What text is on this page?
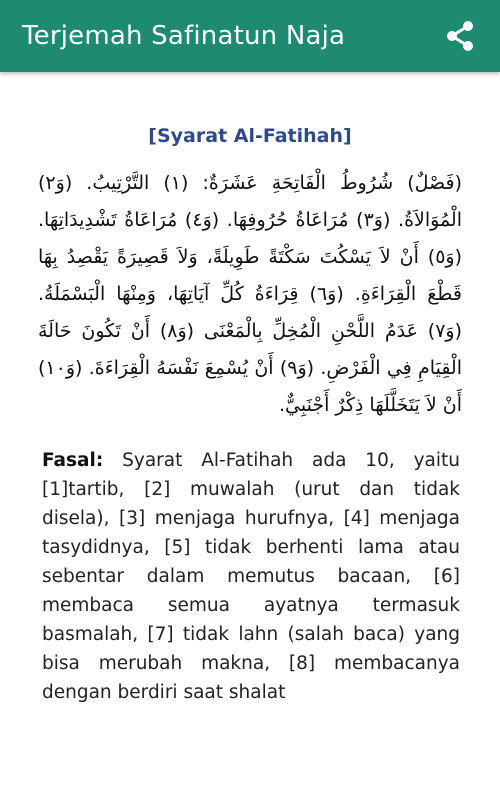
Terjemah Safinatun Naja
[Syarat Al-Fatihah]
(فَصْلٌ) شُرُوطُ الْفَاتِحَةِ عَشَرَةٌ: (١) التَّرْتِيبُ. (وَ٢) الْمُوَالاَةُ. (وَ٣) مُرَاعَاةُ حُرُوفِهَا. (وَ٤) مُرَاعَاةُ تَشْدِيدَاتِهَا. (وَ٥) أَنْ لاَ يَسْكُتَ سَكْتَةً طَوِيلَةً، وَلاَ قَصِيرَةً يَقْصِدُ بِهَا قَطْعَ الْقِرَاءَةِ. (وَ٦) قِرَاءَةُ كُلِّ آيَاتِهَا، وَمِنْهَا الْبَسْمَلَةُ. (وَ٧) عَدَمُ اللَّحْنِ الْمُخِلِّ بِالْمَعْنَى (وَ٨) أَنْ تَكُونَ حَالَةَ الْقِيَامِ فِي الْفَرْضِ. (وَ٩) أَنْ يُسْمِعَ نَفْسَهُ الْقِرَاءَةَ. (وَ١٠) أَنْ لاَ يَتَخَلَّلَهَا ذِكْرٌ أَجْنَبِيٌّ.
Fasal: Syarat Al-Fatihah ada 10, yaitu [1]tartib, [2] muwalah (urut dan tidak disela), [3] menjaga hurufnya, [4] menjaga tasydidnya, [5] tidak berhenti lama atau sebentar dalam memutus bacaan, [6] membaca semua ayatnya termasuk basmalah, [7] tidak lahn (salah baca) yang bisa merubah makna, [8] membacanya dengan berdiri saat shalat
